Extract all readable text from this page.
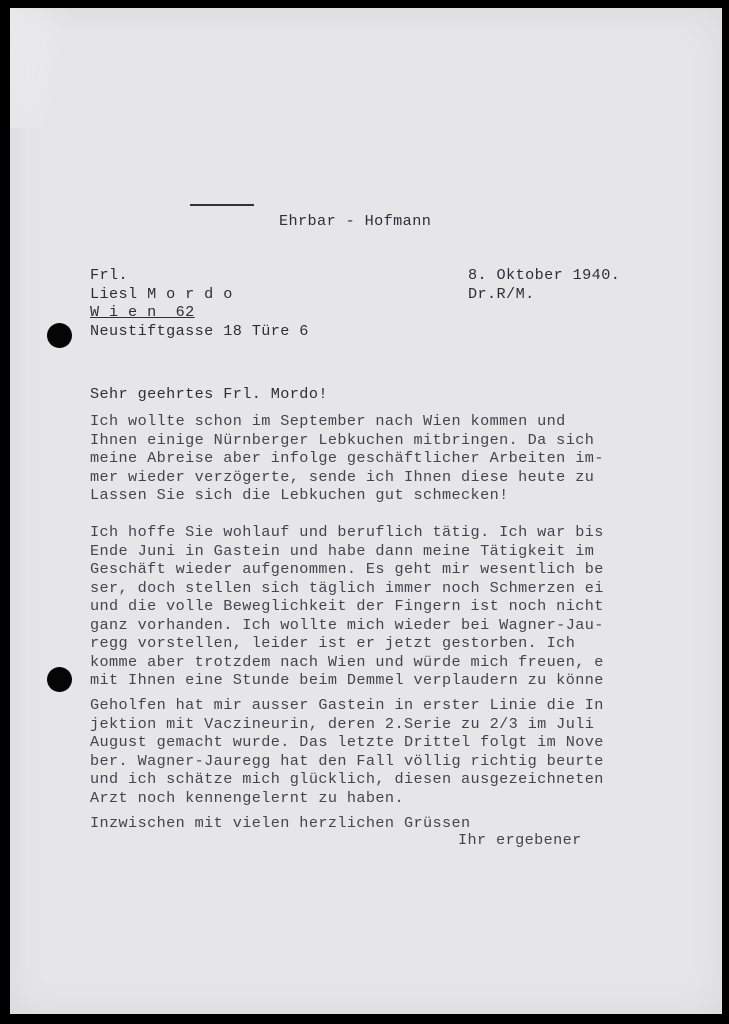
Ehrbar - Hofmann

Frl.

Liesl M o r d o

W i e n  62

Neustiftgasse 18 Türe 6

8. Oktober 1940.

Dr.R/M.

Sehr geehrtes Frl. Mordo!

Ich wollte schon im September nach Wien kommen und

Ihnen einige Nürnberger Lebkuchen mitbringen. Da sich

meine Abreise aber infolge geschäftlicher Arbeiten im-

mer wieder verzögerte, sende ich Ihnen diese heute zu

Lassen Sie sich die Lebkuchen gut schmecken!

Ich hoffe Sie wohlauf und beruflich tätig. Ich war bis

Ende Juni in Gastein und habe dann meine Tätigkeit im

Geschäft wieder aufgenommen. Es geht mir wesentlich be

ser, doch stellen sich täglich immer noch Schmerzen ei

und die volle Beweglichkeit der Fingern ist noch nicht

ganz vorhanden. Ich wollte mich wieder bei Wagner-Jau-

regg vorstellen, leider ist er jetzt gestorben. Ich

komme aber trotzdem nach Wien und würde mich freuen, e

mit Ihnen eine Stunde beim Demmel verplaudern zu könne

Geholfen hat mir ausser Gastein in erster Linie die In

jektion mit Vaczineurin, deren 2.Serie zu 2/3 im Juli

August gemacht wurde. Das letzte Drittel folgt im Nove

ber. Wagner-Jauregg hat den Fall völlig richtig beurte

und ich schätze mich glücklich, diesen ausgezeichneten

Arzt noch kennengelernt zu haben.

Inzwischen mit vielen herzlichen Grüssen

Ihr ergebener
